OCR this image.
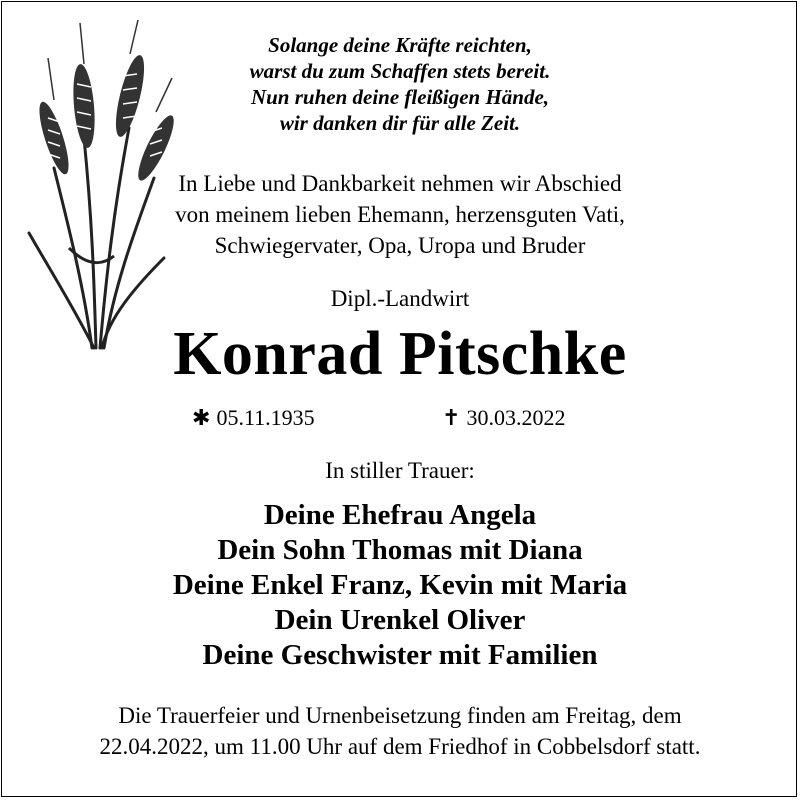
Solange deine Kräfte reichten,
warst du zum Schaffen stets bereit.
Nun ruhen deine fleißigen Hände,
wir danken dir für alle Zeit.
In Liebe und Dankbarkeit nehmen wir Abschied
von meinem lieben Ehemann, herzensguten Vati,
Schwiegervater, Opa, Uropa und Bruder
Dipl.-Landwirt
Konrad Pitschke
✱ 05.11.1935	✝ 30.03.2022
In stiller Trauer:
Deine Ehefrau Angela
Dein Sohn Thomas mit Diana
Deine Enkel Franz, Kevin mit Maria
Dein Urenkel Oliver
Deine Geschwister mit Familien
Die Trauerfeier und Urnenbeisetzung finden am Freitag, dem
22.04.2022, um 11.00 Uhr auf dem Friedhof in Cobbelsdorf statt.
